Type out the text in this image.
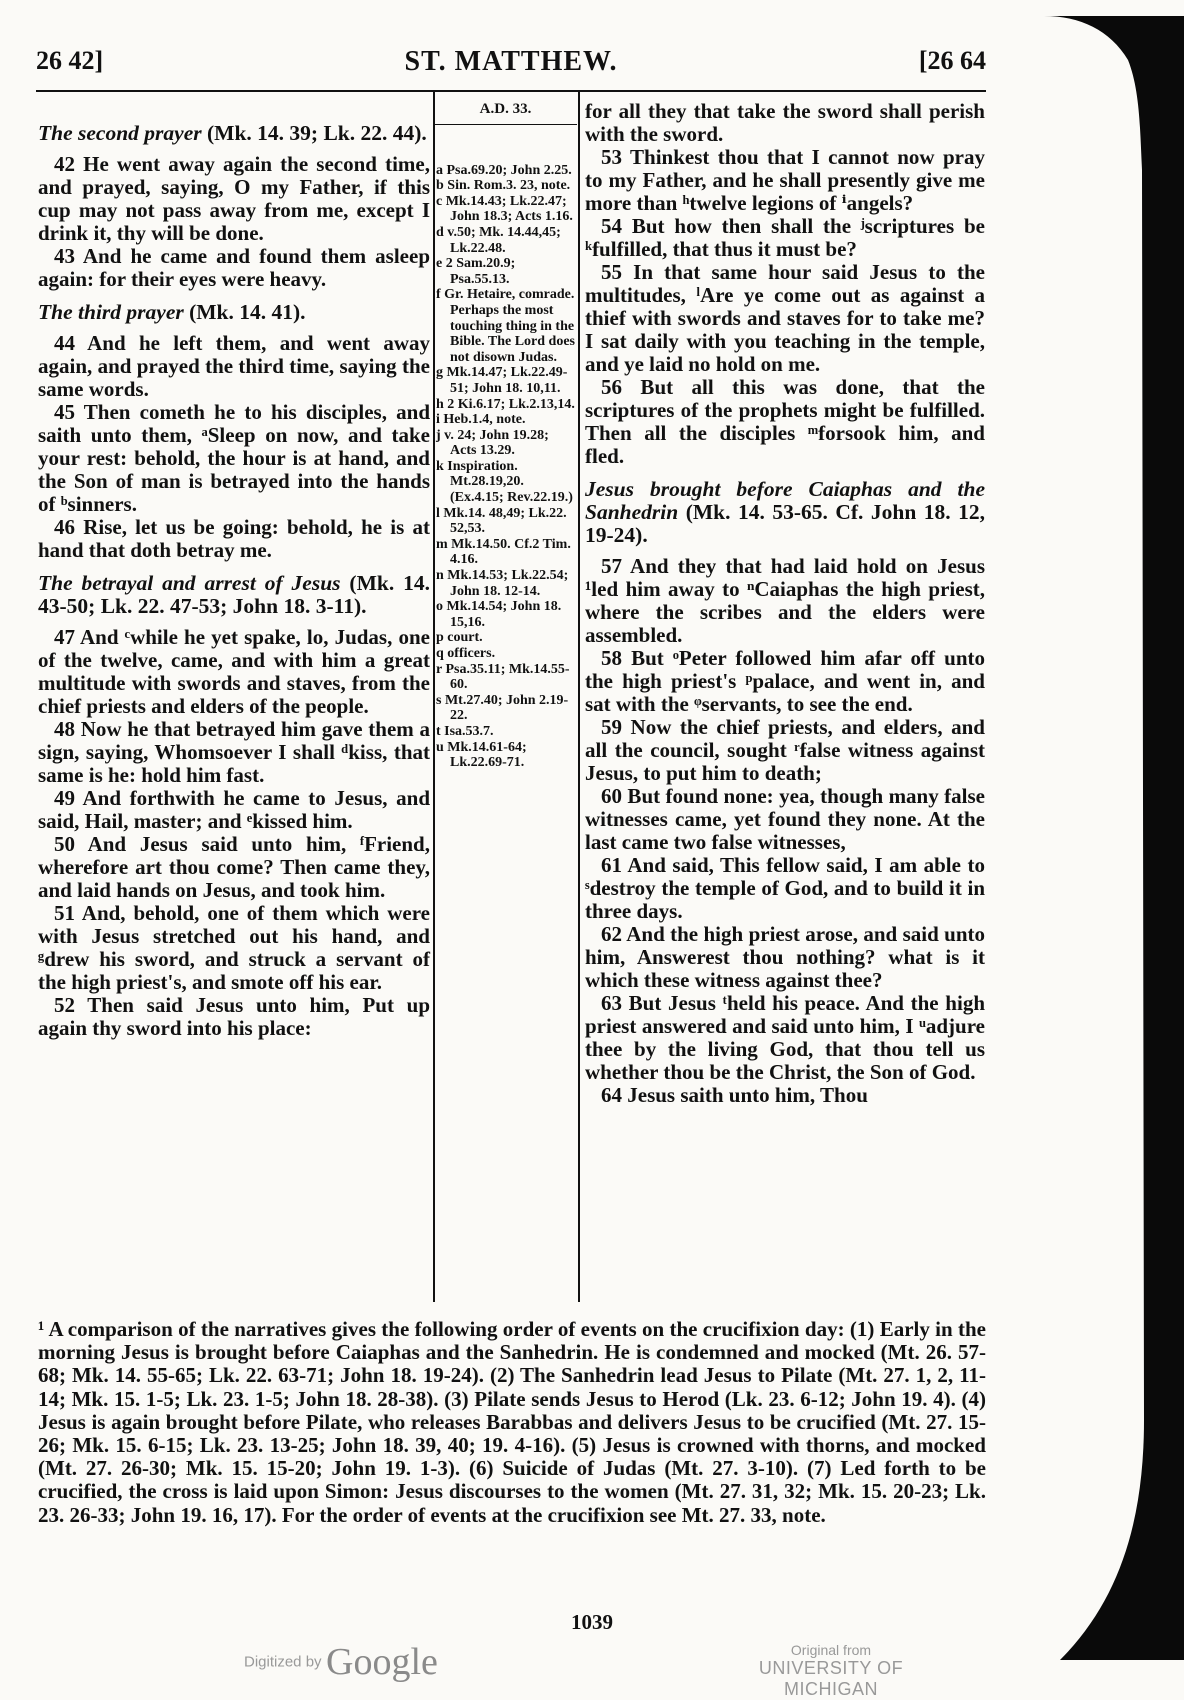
26 42]	ST. MATTHEW.	[26 64

The second prayer (Mk. 14. 39; Lk. 22. 44).

42 He went away again the second time, and prayed, saying, O my Father, if this cup may not pass away from me, except I drink it, thy will be done.

43 And he came and found them asleep again: for their eyes were heavy.

The third prayer (Mk. 14. 41).

44 And he left them, and went away again, and prayed the third time, saying the same words.

45 Then cometh he to his disciples, and saith unto them, ᵃSleep on now, and take your rest: behold, the hour is at hand, and the Son of man is betrayed into the hands of ᵇsinners.

46 Rise, let us be going: behold, he is at hand that doth betray me.

The betrayal and arrest of Jesus (Mk. 14. 43-50; Lk. 22. 47-53; John 18. 3-11).

47 And ᶜwhile he yet spake, lo, Judas, one of the twelve, came, and with him a great multitude with swords and staves, from the chief priests and elders of the people.

48 Now he that betrayed him gave them a sign, saying, Whomsoever I shall ᵈkiss, that same is he: hold him fast.

49 And forthwith he came to Jesus, and said, Hail, master; and ᵉkissed him.

50 And Jesus said unto him, ᶠFriend, wherefore art thou come? Then came they, and laid hands on Jesus, and took him.

51 And, behold, one of them which were with Jesus stretched out his hand, and ᵍdrew his sword, and struck a servant of the high priest's, and smote off his ear.

52 Then said Jesus unto him, Put up again thy sword into his place:

A.D. 33.
a Psa.69.20; John 2.25.
b Sin. Rom.3. 23, note.
c Mk.14.43; Lk.22.47; John 18.3; Acts 1.16.
d v.50; Mk. 14.44,45; Lk.22.48.
e 2 Sam.20.9; Psa.55.13.
f Gr. Hetaire, comrade. Perhaps the most touching thing in the Bible. The Lord does not disown Judas.
g Mk.14.47; Lk.22.49-51; John 18. 10,11.
h 2 Ki.6.17; Lk.2.13,14.
i Heb.1.4, note.
j v. 24; John 19.28; Acts 13.29.
k Inspiration. Mt.28.19,20. (Ex.4.15; Rev.22.19.)
l Mk.14. 48,49; Lk.22. 52,53.
m Mk.14.50. Cf.2 Tim. 4.16.
n Mk.14.53; Lk.22.54; John 18. 12-14.
o Mk.14.54; John 18. 15,16.
p court.
q officers.
r Psa.35.11; Mk.14.55-60.
s Mt.27.40; John 2.19-22.
t Isa.53.7.
u Mk.14.61-64; Lk.22.69-71.

for all they that take the sword shall perish with the sword.

53 Thinkest thou that I cannot now pray to my Father, and he shall presently give me more than ʰtwelve legions of ⁱangels?

54 But how then shall the ʲscriptures be ᵏfulfilled, that thus it must be?

55 In that same hour said Jesus to the multitudes, ˡAre ye come out as against a thief with swords and staves for to take me? I sat daily with you teaching in the temple, and ye laid no hold on me.

56 But all this was done, that the scriptures of the prophets might be fulfilled. Then all the disciples ᵐforsook him, and fled.

Jesus brought before Caiaphas and the Sanhedrin (Mk. 14. 53-65. Cf. John 18. 12, 19-24).

57 And they that had laid hold on Jesus ¹led him away to ⁿCaiaphas the high priest, where the scribes and the elders were assembled.

58 But ᵒPeter followed him afar off unto the high priest's ᵖpalace, and went in, and sat with the ᵠservants, to see the end.

59 Now the chief priests, and elders, and all the council, sought ʳfalse witness against Jesus, to put him to death;

60 But found none: yea, though many false witnesses came, yet found they none. At the last came two false witnesses,

61 And said, This fellow said, I am able to ˢdestroy the temple of God, and to build it in three days.

62 And the high priest arose, and said unto him, Answerest thou nothing? what is it which these witness against thee?

63 But Jesus ᵗheld his peace. And the high priest answered and said unto him, I ᵘadjure thee by the living God, that thou tell us whether thou be the Christ, the Son of God.

64 Jesus saith unto him, Thou

¹ A comparison of the narratives gives the following order of events on the crucifixion day: (1) Early in the morning Jesus is brought before Caiaphas and the Sanhedrin. He is condemned and mocked (Mt. 26. 57-68; Mk. 14. 55-65; Lk. 22. 63-71; John 18. 19-24). (2) The Sanhedrin lead Jesus to Pilate (Mt. 27. 1, 2, 11-14; Mk. 15. 1-5; Lk. 23. 1-5; John 18. 28-38). (3) Pilate sends Jesus to Herod (Lk. 23. 6-12; John 19. 4). (4) Jesus is again brought before Pilate, who releases Barabbas and delivers Jesus to be crucified (Mt. 27. 15-26; Mk. 15. 6-15; Lk. 23. 13-25; John 18. 39, 40; 19. 4-16). (5) Jesus is crowned with thorns, and mocked (Mt. 27. 26-30; Mk. 15. 15-20; John 19. 1-3). (6) Suicide of Judas (Mt. 27. 3-10). (7) Led forth to be crucified, the cross is laid upon Simon: Jesus discourses to the women (Mt. 27. 31, 32; Mk. 15. 20-23; Lk. 23. 26-33; John 19. 16, 17). For the order of events at the crucifixion see Mt. 27. 33, note.
1039
Digitized by Google	Original from
UNIVERSITY OF MICHIGAN
